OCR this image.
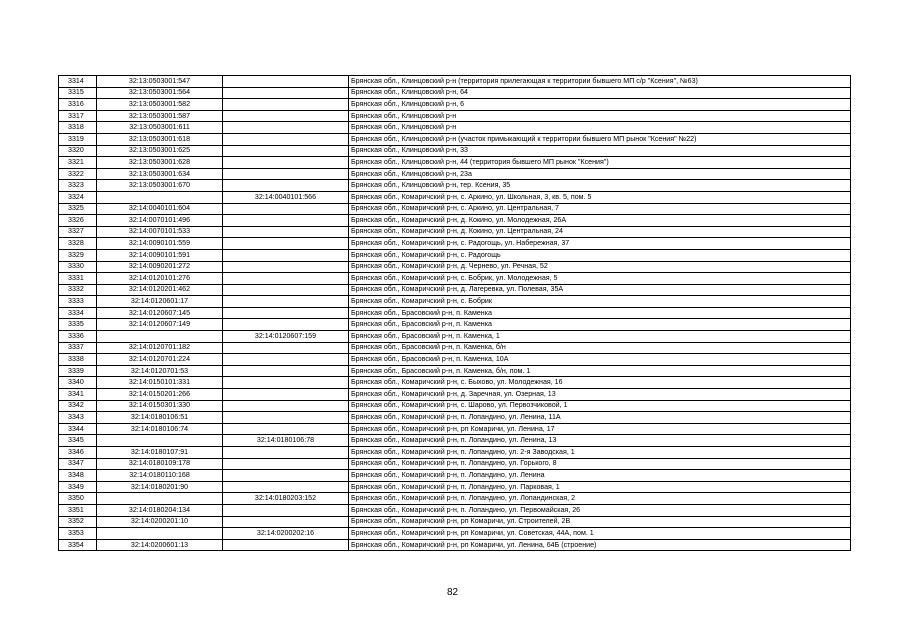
3314	32:13:0503001:547		Брянская обл., Клинцовский р-н (территория прилегающая к территории бывшего МП с/р "Ксения", №63)
3315	32:13:0503001:564		Брянская обл., Клинцовский р-н, 64
3316	32:13:0503001:582		Брянская обл., Клинцовский р-н, 6
3317	32:13:0503001:587		Брянская обл., Клинцовский р-н
3318	32:13:0503001:611		Брянская обл., Клинцовский р-н
3319	32:13:0503001:618		Брянская обл., Клинцовский р-н (участок примыкающий к территории бывшего МП рынок "Ксения" №22)
3320	32:13:0503001:625		Брянская обл., Клинцовский р-н, 33
3321	32:13:0503001:628		Брянская обл., Клинцовский р-н, 44 (территория бывшего МП рынок "Ксения")
3322	32:13:0503001:634		Брянская обл., Клинцовский р-н, 23а
3323	32:13:0503001:670		Брянская обл., Клинцовский р-н, тер. Ксения, 35
3324		32:14:0040101:566	Брянская обл., Комаричский р-н, с. Аркино, ул. Школьная, 3, кв. 5, пом. 5
3325	32:14:0040101:604		Брянская обл., Комаричский р-н, с. Аркино, ул. Центральная, 7
3326	32:14:0070101:496		Брянская обл., Комаричский р-н, д. Кокино, ул. Молодежная, 26А
3327	32:14:0070101:533		Брянская обл., Комаричский р-н, д. Кокино, ул. Центральная, 24
3328	32:14:0090101:559		Брянская обл., Комаричский р-н, с. Радогощь, ул. Набережная, 37
3329	32:14:0090101:591		Брянская обл., Комаричский р-н, с. Радогощь
3330	32:14:0090201:272		Брянская обл., Комаричский р-н, д. Чернево, ул. Речная, 52
3331	32:14:0120101:276		Брянская обл., Комаричский р-н, с. Бобрик, ул. Молодежная, 5
3332	32:14:0120201:462		Брянская обл., Комаричский р-н, д. Лагеревка, ул. Полевая, 35А
3333	32:14:0120601:17		Брянская обл., Комаричский р-н, с. Бобрик
3334	32:14:0120607:145		Брянская обл., Брасовский р-н, п. Каменка
3335	32:14:0120607:149		Брянская обл., Брасовский р-н, п. Каменка
3336		32:14:0120607:159	Брянская обл., Брасовский р-н, п. Каменка, 1
3337	32:14:0120701:182		Брянская обл., Брасовский р-н, п. Каменка, б/н
3338	32:14:0120701:224		Брянская обл., Брасовский р-н, п. Каменка, 10А
3339	32:14:0120701:53		Брянская обл., Брасовский р-н, п. Каменка, б/н, пом. 1
3340	32:14:0150101:331		Брянская обл., Комаричский р-н, с. Быхово, ул. Молодежная, 16
3341	32:14:0150201:266		Брянская обл., Комаричский р-н, д. Заречная, ул. Озерная, 13
3342	32:14:0150301:330		Брянская обл., Комаричский р-н, с. Шарово, ул. Первозчиковой, 1
3343	32:14:0180106:51		Брянская обл., Комаричский р-н, п. Лопандино, ул. Ленина, 11А
3344	32:14:0180106:74		Брянская обл., Комаричский р-н, рп Комаричи, ул. Ленина, 17
3345		32:14:0180106:78	Брянская обл., Комаричский р-н, п. Лопандино, ул. Ленина, 13
3346	32:14:0180107:91		Брянская обл., Комаричский р-н, п. Лопандино, ул. 2-я Заводская, 1
3347	32:14:0180109:178		Брянская обл., Комаричский р-н, п. Лопандино, ул. Горького, 8
3348	32:14:0180110:168		Брянская обл., Комаричский р-н, п. Лопандино, ул. Ленина
3349	32:14:0180201:90		Брянская обл., Комаричский р-н, п. Лопандино, ул. Парковая, 1
3350		32:14:0180203:152	Брянская обл., Комаричский р-н, п. Лопандино, ул. Лопандинская, 2
3351	32:14:0180204:134		Брянская обл., Комаричский р-н, п. Лопандино, ул. Первомайская, 26
3352	32:14:0200201:10		Брянская обл., Комаричский р-н, рп Комаричи, ул. Строителей, 2В
3353		32:14:0200202:16	Брянская обл., Комаричский р-н, рп Комаричи, ул. Советская, 44А, пом. 1
3354	32:14:0200601:13		Брянская обл., Комаричский р-н, рп Комаричи, ул. Ленина, 64Б (строение)
82
